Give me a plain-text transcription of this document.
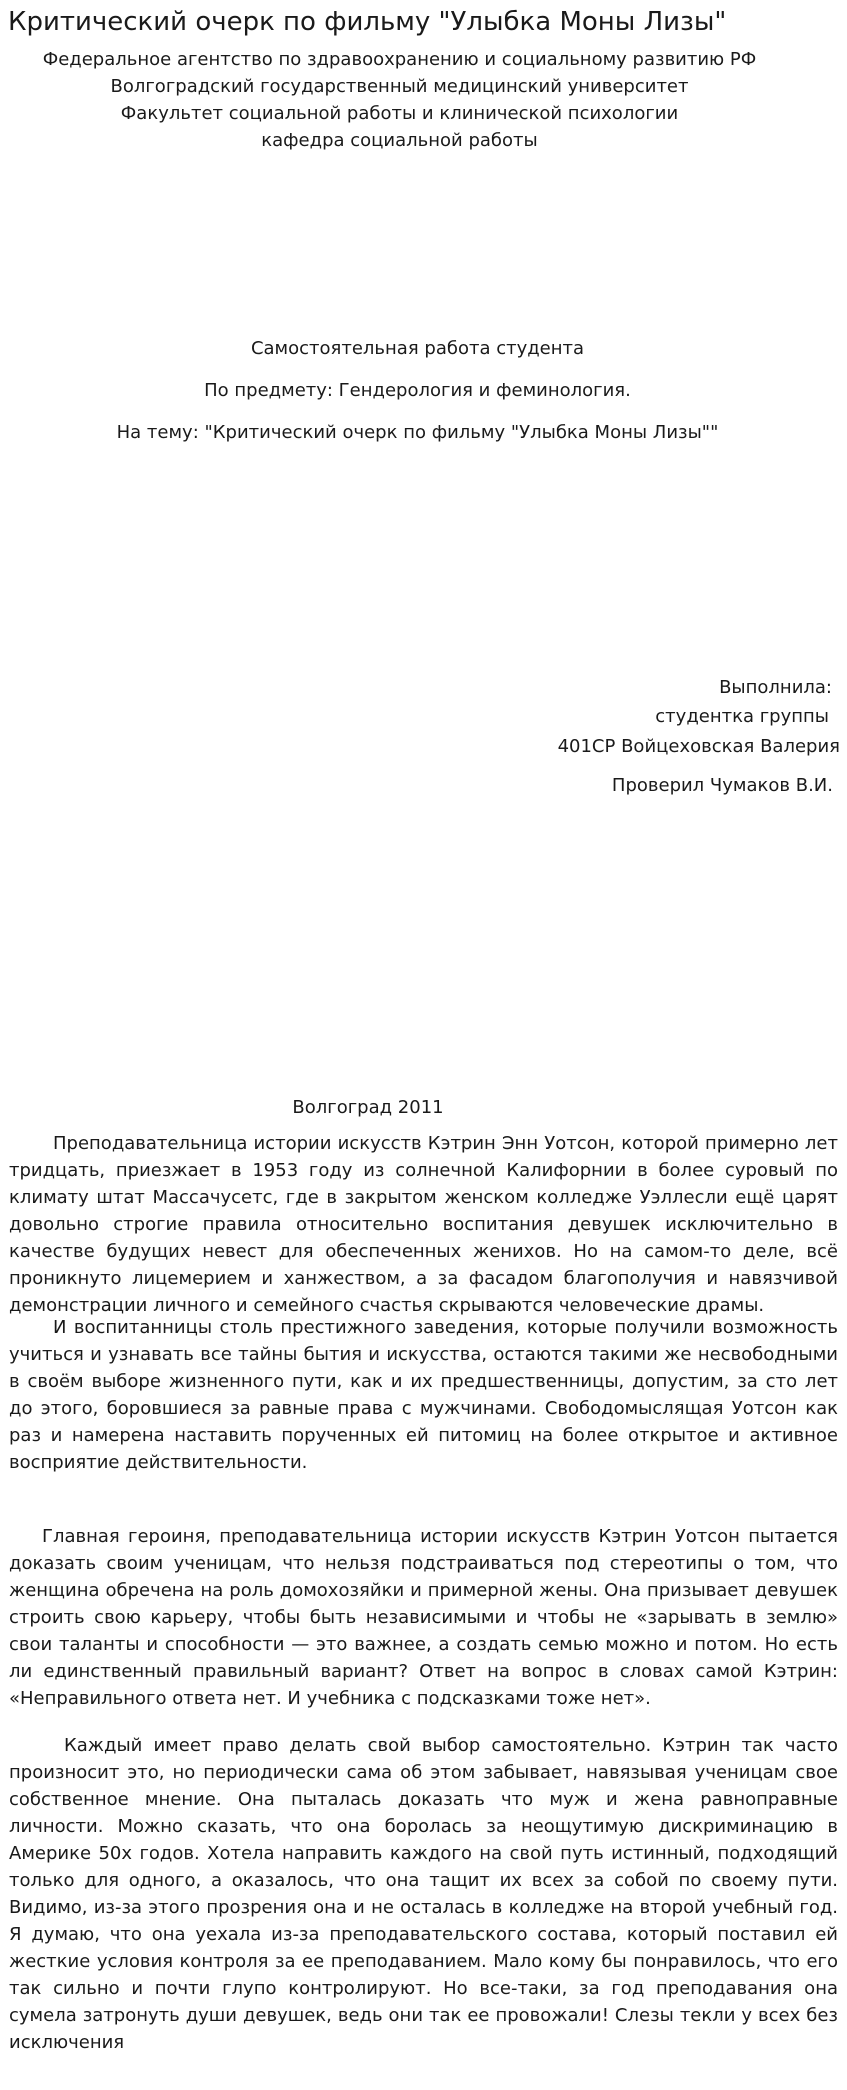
Критический очерк по фильму "Улыбка Моны Лизы"
Федеральное агентство по здравоохранению и социальному развитию РФ
Волгоградский государственный медицинский университет
Факультет социальной работы и клинической психологии
кафедра социальной работы
Самостоятельная работа студента
По предмету: Гендерология и феминология.
На тему: "Критический очерк по фильму "Улыбка Моны Лизы""
Выполнила:
студентка группы
401СР Войцеховская Валерия
Проверил Чумаков В.И.
Волгоград 2011

Преподавательница истории искусств Кэтрин Энн Уотсон, которой примерно лет тридцать, приезжает в 1953 году из солнечной Калифорнии в более суровый по климату штат Массачусетс, где в закрытом женском колледже Уэллесли ещё царят довольно строгие правила относительно воспитания девушек исключительно в качестве будущих невест для обеспеченных женихов. Но на самом-то деле, всё проникнуто лицемерием и ханжеством, а за фасадом благополучия и навязчивой демонстрации личного и семейного счастья скрываются человеческие драмы.

И воспитанницы столь престижного заведения, которые получили возможность учиться и узнавать все тайны бытия и искусства, остаются такими же несвободными в своём выборе жизненного пути, как и их предшественницы, допустим, за сто лет до этого, боровшиеся за равные права с мужчинами. Свободомыслящая Уотсон как раз и намерена наставить порученных ей питомиц на более открытое и активное восприятие действительности.

Главная героиня, преподавательница истории искусств Кэтрин Уотсон пытается доказать своим ученицам, что нельзя подстраиваться под стереотипы о том, что женщина обречена на роль домохозяйки и примерной жены. Она призывает девушек строить свою карьеру, чтобы быть независимыми и чтобы не «зарывать в землю» свои таланты и способности — это важнее, а создать семью можно и потом. Но есть ли единственный правильный вариант? Ответ на вопрос в словах самой Кэтрин: «Неправильного ответа нет. И учебника с подсказками тоже нет».

Каждый имеет право делать свой выбор самостоятельно. Кэтрин так часто произносит это, но периодически сама об этом забывает, навязывая ученицам свое собственное мнение. Она пыталась доказать что муж и жена равноправные личности. Можно сказать, что она боролась за неощутимую дискриминацию в Америке 50х годов. Хотела направить каждого на свой путь истинный, подходящий только для одного, а оказалось, что она тащит их всех за собой по своему пути. Видимо, из-за этого прозрения она и не осталась в колледже на второй учебный год. Я думаю, что она уехала из-за преподавательского состава, который поставил ей жесткие условия контроля за ее преподаванием. Мало кому бы понравилось, что его так сильно и почти глупо контролируют. Но все-таки, за год преподавания она сумела затронуть души девушек, ведь они так ее провожали! Слезы текли у всех без исключения
